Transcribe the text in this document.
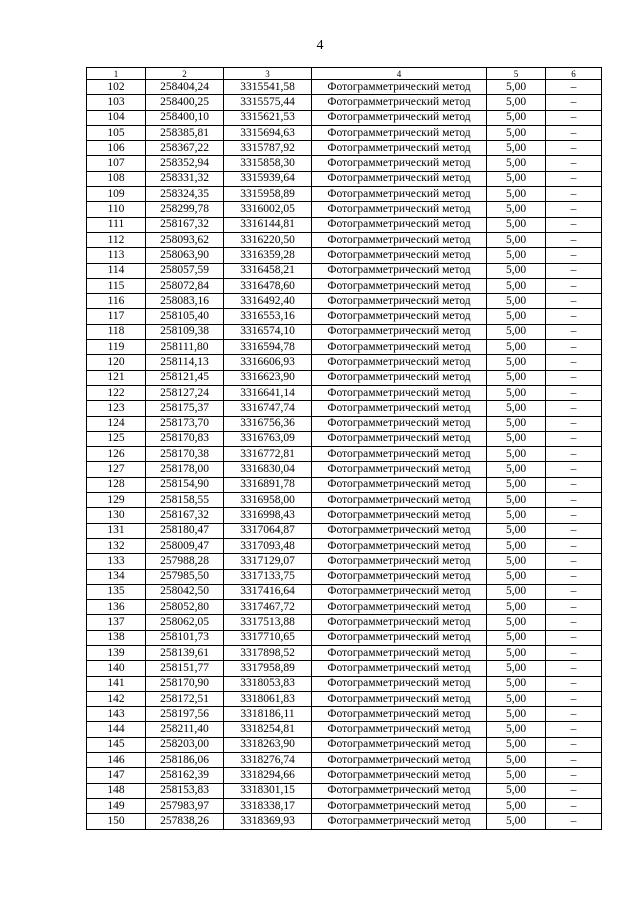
4
1	2	3	4	5	6
102	258404,24	3315541,58	Фотограмметрический метод	5,00	–
103	258400,25	3315575,44	Фотограмметрический метод	5,00	–
104	258400,10	3315621,53	Фотограмметрический метод	5,00	–
105	258385,81	3315694,63	Фотограмметрический метод	5,00	–
106	258367,22	3315787,92	Фотограмметрический метод	5,00	–
107	258352,94	3315858,30	Фотограмметрический метод	5,00	–
108	258331,32	3315939,64	Фотограмметрический метод	5,00	–
109	258324,35	3315958,89	Фотограмметрический метод	5,00	–
110	258299,78	3316002,05	Фотограмметрический метод	5,00	–
111	258167,32	3316144,81	Фотограмметрический метод	5,00	–
112	258093,62	3316220,50	Фотограмметрический метод	5,00	–
113	258063,90	3316359,28	Фотограмметрический метод	5,00	–
114	258057,59	3316458,21	Фотограмметрический метод	5,00	–
115	258072,84	3316478,60	Фотограмметрический метод	5,00	–
116	258083,16	3316492,40	Фотограмметрический метод	5,00	–
117	258105,40	3316553,16	Фотограмметрический метод	5,00	–
118	258109,38	3316574,10	Фотограмметрический метод	5,00	–
119	258111,80	3316594,78	Фотограмметрический метод	5,00	–
120	258114,13	3316606,93	Фотограмметрический метод	5,00	–
121	258121,45	3316623,90	Фотограмметрический метод	5,00	–
122	258127,24	3316641,14	Фотограмметрический метод	5,00	–
123	258175,37	3316747,74	Фотограмметрический метод	5,00	–
124	258173,70	3316756,36	Фотограмметрический метод	5,00	–
125	258170,83	3316763,09	Фотограмметрический метод	5,00	–
126	258170,38	3316772,81	Фотограмметрический метод	5,00	–
127	258178,00	3316830,04	Фотограмметрический метод	5,00	–
128	258154,90	3316891,78	Фотограмметрический метод	5,00	–
129	258158,55	3316958,00	Фотограмметрический метод	5,00	–
130	258167,32	3316998,43	Фотограмметрический метод	5,00	–
131	258180,47	3317064,87	Фотограмметрический метод	5,00	–
132	258009,47	3317093,48	Фотограмметрический метод	5,00	–
133	257988,28	3317129,07	Фотограмметрический метод	5,00	–
134	257985,50	3317133,75	Фотограмметрический метод	5,00	–
135	258042,50	3317416,64	Фотограмметрический метод	5,00	–
136	258052,80	3317467,72	Фотограмметрический метод	5,00	–
137	258062,05	3317513,88	Фотограмметрический метод	5,00	–
138	258101,73	3317710,65	Фотограмметрический метод	5,00	–
139	258139,61	3317898,52	Фотограмметрический метод	5,00	–
140	258151,77	3317958,89	Фотограмметрический метод	5,00	–
141	258170,90	3318053,83	Фотограмметрический метод	5,00	–
142	258172,51	3318061,83	Фотограмметрический метод	5,00	–
143	258197,56	3318186,11	Фотограмметрический метод	5,00	–
144	258211,40	3318254,81	Фотограмметрический метод	5,00	–
145	258203,00	3318263,90	Фотограмметрический метод	5,00	–
146	258186,06	3318276,74	Фотограмметрический метод	5,00	–
147	258162,39	3318294,66	Фотограмметрический метод	5,00	–
148	258153,83	3318301,15	Фотограмметрический метод	5,00	–
149	257983,97	3318338,17	Фотограмметрический метод	5,00	–
150	257838,26	3318369,93	Фотограмметрический метод	5,00	–
